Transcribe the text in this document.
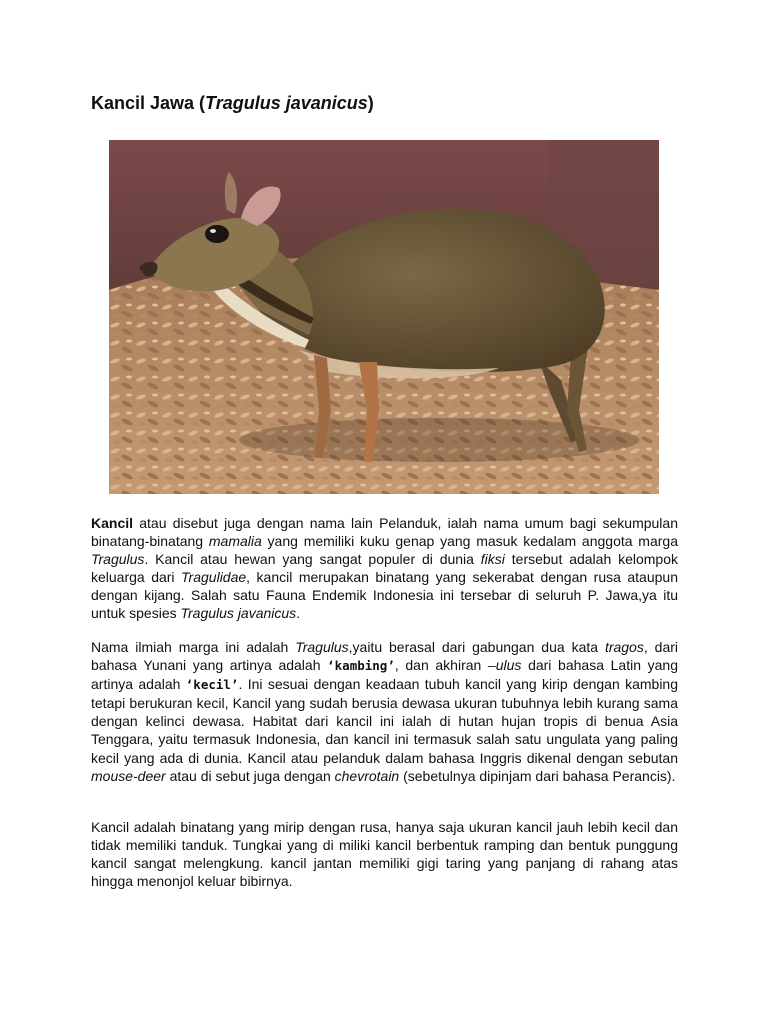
Kancil Jawa (Tragulus javanicus)

Kancil atau disebut juga dengan nama lain Pelanduk, ialah nama umum bagi sekumpulan binatang-binatang mamalia yang memiliki kuku genap yang masuk kedalam anggota marga Tragulus. Kancil atau hewan yang sangat populer di dunia fiksi tersebut adalah kelompok keluarga dari Tragulidae, kancil merupakan binatang yang sekerabat dengan rusa ataupun dengan kijang. Salah satu Fauna Endemik Indonesia ini tersebar di seluruh P. Jawa,ya itu untuk spesies Tragulus javanicus.

Nama ilmiah marga ini adalah Tragulus,yaitu berasal dari gabungan dua kata tragos, dari bahasa Yunani yang artinya adalah ‘kambing’, dan akhiran –ulus dari bahasa Latin yang artinya adalah ‘kecil’. Ini sesuai dengan keadaan tubuh kancil yang kirip dengan kambing tetapi berukuran kecil, Kancil yang sudah berusia dewasa ukuran tubuhnya lebih kurang sama dengan kelinci dewasa. Habitat dari kancil ini ialah di hutan hujan tropis di benua Asia Tenggara, yaitu termasuk Indonesia, dan kancil ini termasuk salah satu ungulata yang paling kecil yang ada di dunia. Kancil atau pelanduk dalam bahasa Inggris dikenal dengan sebutan mouse-deer atau di sebut juga dengan chevrotain (sebetulnya dipinjam dari bahasa Perancis).

Kancil adalah binatang yang mirip dengan rusa, hanya saja ukuran kancil jauh lebih kecil dan tidak memiliki tanduk. Tungkai yang di miliki kancil berbentuk ramping dan bentuk punggung kancil sangat melengkung. kancil jantan memiliki gigi taring yang panjang di rahang atas hingga menonjol keluar bibirnya.
